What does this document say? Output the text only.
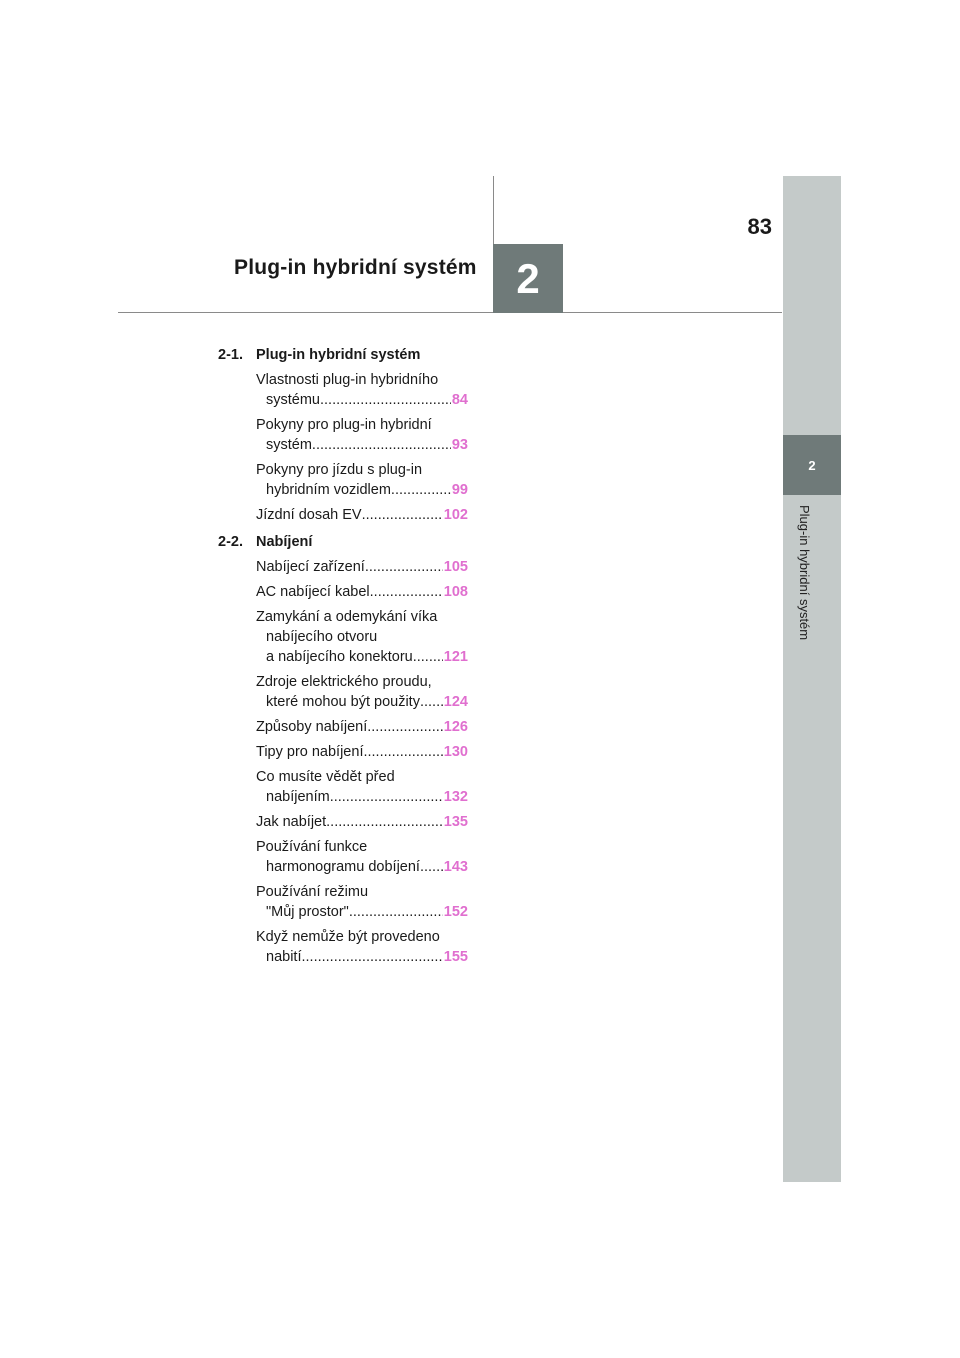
83
Plug-in hybridní systém 2
2
Plug-in hybridní systém
2-1. Plug-in hybridní systém
Vlastnosti plug-in hybridního
systému .....	84
Pokyny pro plug-in hybridní
systém .....	93
Pokyny pro jízdu s plug-in
hybridním vozidlem .....	99
Jízdní dosah EV .....	102
2-2. Nabíjení
Nabíjecí zařízení .....	105
AC nabíjecí kabel .....	108
Zamykání a odemykání víka
nabíjecího otvoru
a nabíjecího konektoru ..... 121
Zdroje elektrického proudu,
které mohou být použity ..... 124
Způsoby nabíjení .....	126
Tipy pro nabíjení .....	130
Co musíte vědět před
nabíjením .....	132
Jak nabíjet .....	135
Používání funkce
harmonogramu dobíjení ..... 143
Používání režimu
"Můj prostor" .....	152
Když nemůže být provedeno
nabití .....	155
